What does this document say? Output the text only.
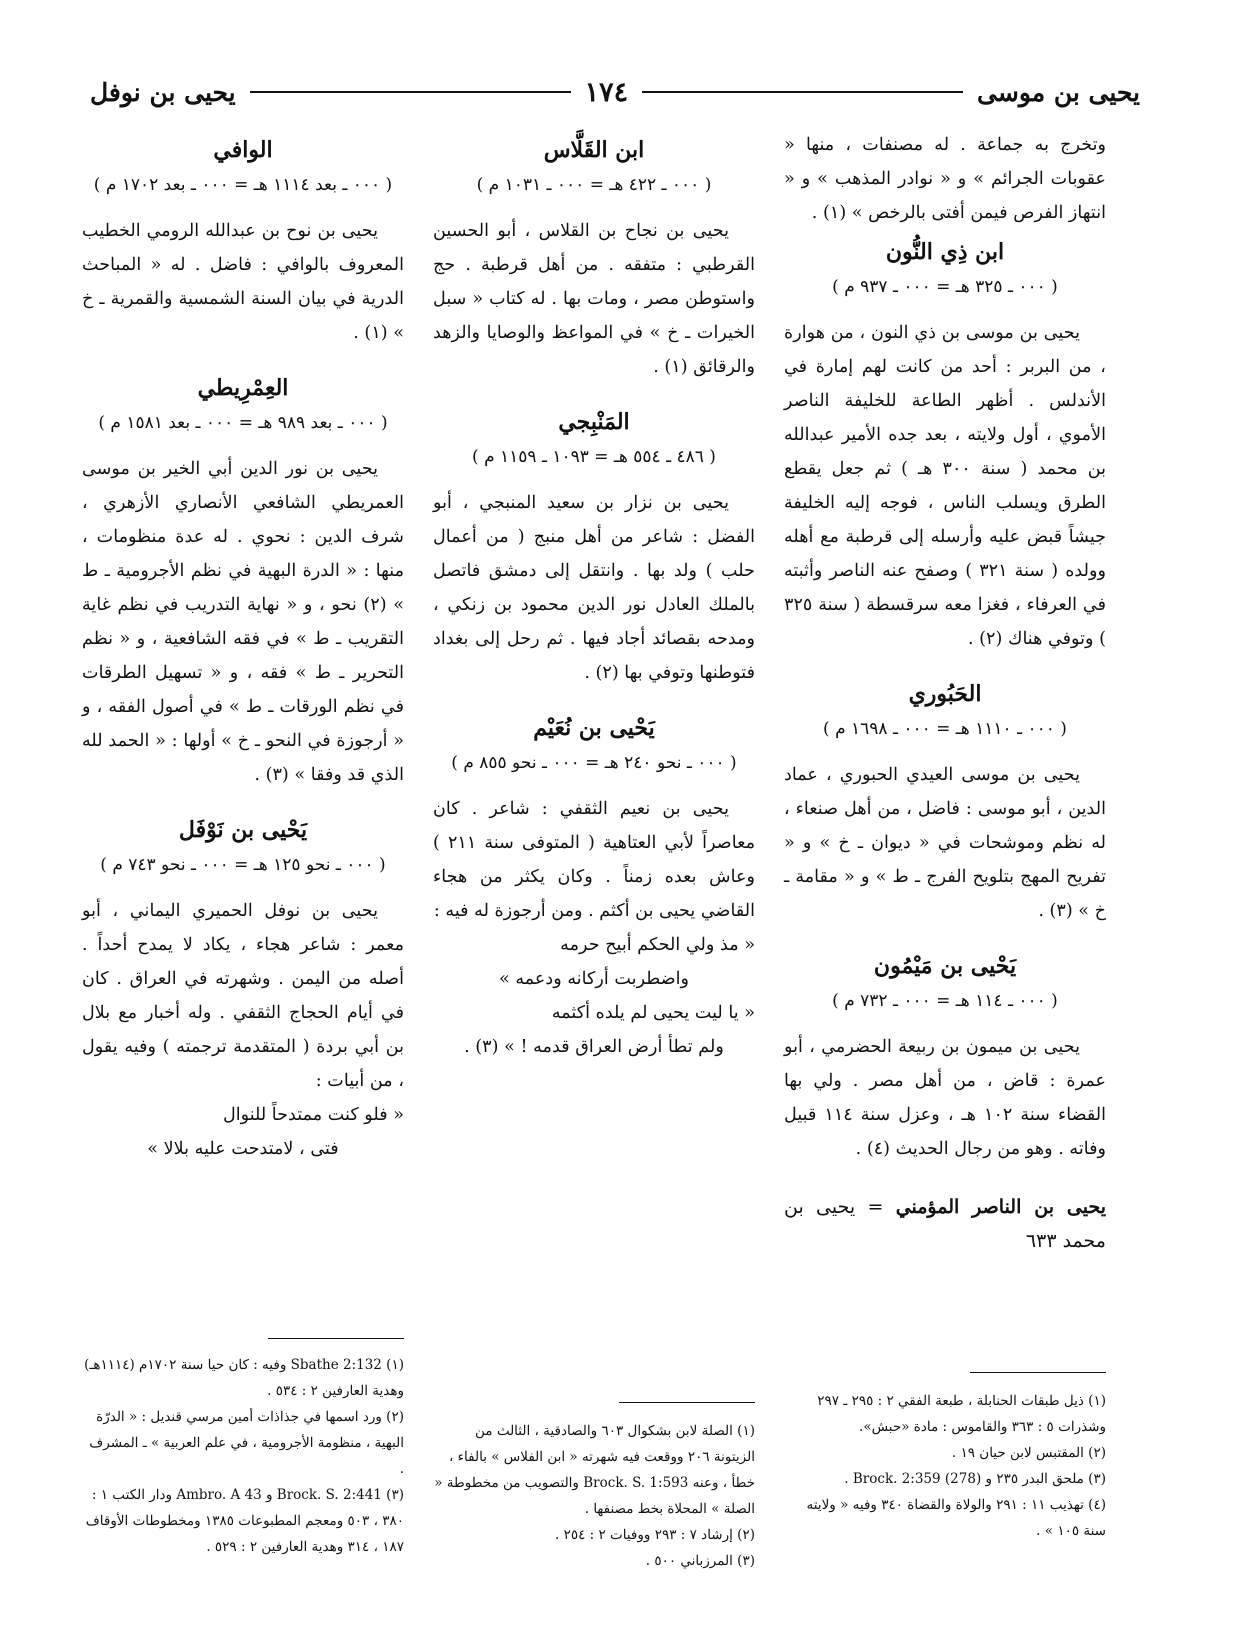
يحيى بن موسى
١٧٤
يحيى بن نوفل

وتخرج به جماعة . له مصنفات ، منها « عقوبات الجرائم » و « نوادر المذهب » و « انتهاز الفرص فيمن أفتى بالرخص » (١) .

ابن ذِي النُّون
( ٠٠٠ ـ ٣٢٥ هـ = ٠٠٠ ـ ٩٣٧ م )

يحيى بن موسى بن ذي النون ، من هوارة ، من البربر : أحد من كانت لهم إمارة في الأندلس . أظهر الطاعة للخليفة الناصر الأموي ، أول ولايته ، بعد جده الأمير عبدالله بن محمد ( سنة ٣٠٠ هـ ) ثم جعل يقطع الطرق ويسلب الناس ، فوجه إليه الخليفة جيشاً قبض عليه وأرسله إلى قرطبة مع أهله وولده ( سنة ٣٢١ ) وصفح عنه الناصر وأثبته في العرفاء ، فغزا معه سرقسطة ( سنة ٣٢٥ ) وتوفي هناك (٢) .

الحَبُوري
( ٠٠٠ ـ ١١١٠ هـ = ٠٠٠ ـ ١٦٩٨ م )

يحيى بن موسى العيدي الحبوري ، عماد الدين ، أبو موسى : فاضل ، من أهل صنعاء ، له نظم وموشحات في « ديوان ـ خ » و « تفريح المهج بتلويح الفرج ـ ط » و « مقامة ـ خ » (٣) .

يَحْيى بن مَيْمُون
( ٠٠٠ ـ ١١٤ هـ = ٠٠٠ ـ ٧٣٢ م )

يحيى بن ميمون بن ربيعة الحضرمي ، أبو عمرة : قاض ، من أهل مصر . ولي بها القضاء سنة ١٠٢ هـ ، وعزل سنة ١١٤ قبيل وفاته . وهو من رجال الحديث (٤) .

يحيى بن الناصر المؤمني = يحيى بن محمد ٦٣٣

ابن القَلَّاس
( ٠٠٠ ـ ٤٢٢ هـ = ٠٠٠ ـ ١٠٣١ م )

يحيى بن نجاح بن القلاس ، أبو الحسين القرطبي : متفقه . من أهل قرطبة . حج واستوطن مصر ، ومات بها . له كتاب « سبل الخيرات ـ خ » في المواعظ والوصايا والزهد والرقائق (١) .

المَنْبِجي
( ٤٨٦ ـ ٥٥٤ هـ = ١٠٩٣ ـ ١١٥٩ م )

يحيى بن نزار بن سعيد المنبجي ، أبو الفضل : شاعر من أهل منبج ( من أعمال حلب ) ولد بها . وانتقل إلى دمشق فاتصل بالملك العادل نور الدين محمود بن زنكي ، ومدحه بقصائد أجاد فيها . ثم رحل إلى بغداد فتوطنها وتوفي بها (٢) .

يَحْيى بن نُعَيْم
( ٠٠٠ ـ نحو ٢٤٠ هـ = ٠٠٠ ـ نحو ٨٥٥ م )

يحيى بن نعيم الثقفي : شاعر . كان معاصراً لأبي العتاهية ( المتوفى سنة ٢١١ ) وعاش بعده زمناً . وكان يكثر من هجاء القاضي يحيى بن أكثم . ومن أرجوزة له فيه :

« مذ ولي الحكم أبيح حرمه
واضطربت أركانه ودعمه »
« يا ليت يحيى لم يلده أكثمه
ولم تطأ أرض العراق قدمه ! » (٣) .
الوافي
( ٠٠٠ ـ بعد ١١١٤ هـ = ٠٠٠ ـ بعد ١٧٠٢ م )

يحيى بن نوح بن عبدالله الرومي الخطيب المعروف بالوافي : فاضل . له « المباحث الدرية في بيان السنة الشمسية والقمرية ـ خ » (١) .

العِمْرِيطي
( ٠٠٠ ـ بعد ٩٨٩ هـ = ٠٠٠ ـ بعد ١٥٨١ م )

يحيى بن نور الدين أبي الخير بن موسى العمريطي الشافعي الأنصاري الأزهري ، شرف الدين : نحوي . له عدة منظومات ، منها : « الدرة البهية في نظم الأجرومية ـ ط » (٢) نحو ، و « نهاية التدريب في نظم غاية التقريب ـ ط » في فقه الشافعية ، و « نظم التحرير ـ ط » فقه ، و « تسهيل الطرقات في نظم الورقات ـ ط » في أصول الفقه ، و « أرجوزة في النحو ـ خ » أولها : « الحمد لله الذي قد وفقا » (٣) .

يَحْيى بن نَوْفَل
( ٠٠٠ ـ نحو ١٢٥ هـ = ٠٠٠ ـ نحو ٧٤٣ م )

يحيى بن نوفل الحميري اليماني ، أبو معمر : شاعر هجاء ، يكاد لا يمدح أحداً . أصله من اليمن . وشهرته في العراق . كان في أيام الحجاج الثقفي . وله أخبار مع بلال بن أبي بردة ( المتقدمة ترجمته ) وفيه يقول ، من أبيات :

« فلو كنت ممتدحاً للنوال
فتى ، لامتدحت عليه بلالا »
(١) ذيل طبقات الحنابلة ، طبعة الفقي ٢ : ٢٩٥ ـ ٢٩٧ وشذرات ٥ : ٣٦٣ والقاموس : مادة «حبش».
(٢) المقتبس لابن حيان ١٩ .
(٣) ملحق البدر ٢٣٥ و (278) Brock. 2:359 .
(٤) تهذيب ١١ : ٢٩١ والولاة والقضاة ٣٤٠ وفيه « ولايته سنة ١٠٥ » .
(١) الصلة لابن بشكوال ٦٠٣ والصادقية ، الثالث من الزيتونة ٢٠٦ ووقعت فيه شهرته « ابن الفلاس » بالفاء ، خطأ ، وعنه Brock. S. 1:593 والتصويب من مخطوطة « الصلة » المحلاة بخط مصنفها .
(٢) إرشاد ٧ : ٢٩٣ ووفيات ٢ : ٢٥٤ .
(٣) المرزباني ٥٠٠ .
(١) Sbathe 2:132 وفيه : كان حيا سنة ١٧٠٢م (١١١٤هـ) وهدية العارفين ٢ : ٥٣٤ .
(٢) ورد اسمها في جذاذات أمين مرسي قنديل : « الدرّة البهية ، منظومة الأجرومية ، في علم العربية » ـ المشرف .
(٣) Brock. S. 2:441 و Ambro. A 43 ودار الكتب ١ : ٣٨٠ ، ٥٠٣ ومعجم المطبوعات ١٣٨٥ ومخطوطات الأوقاف ١٨٧ ، ٣١٤ وهدية العارفين ٢ : ٥٢٩ .
